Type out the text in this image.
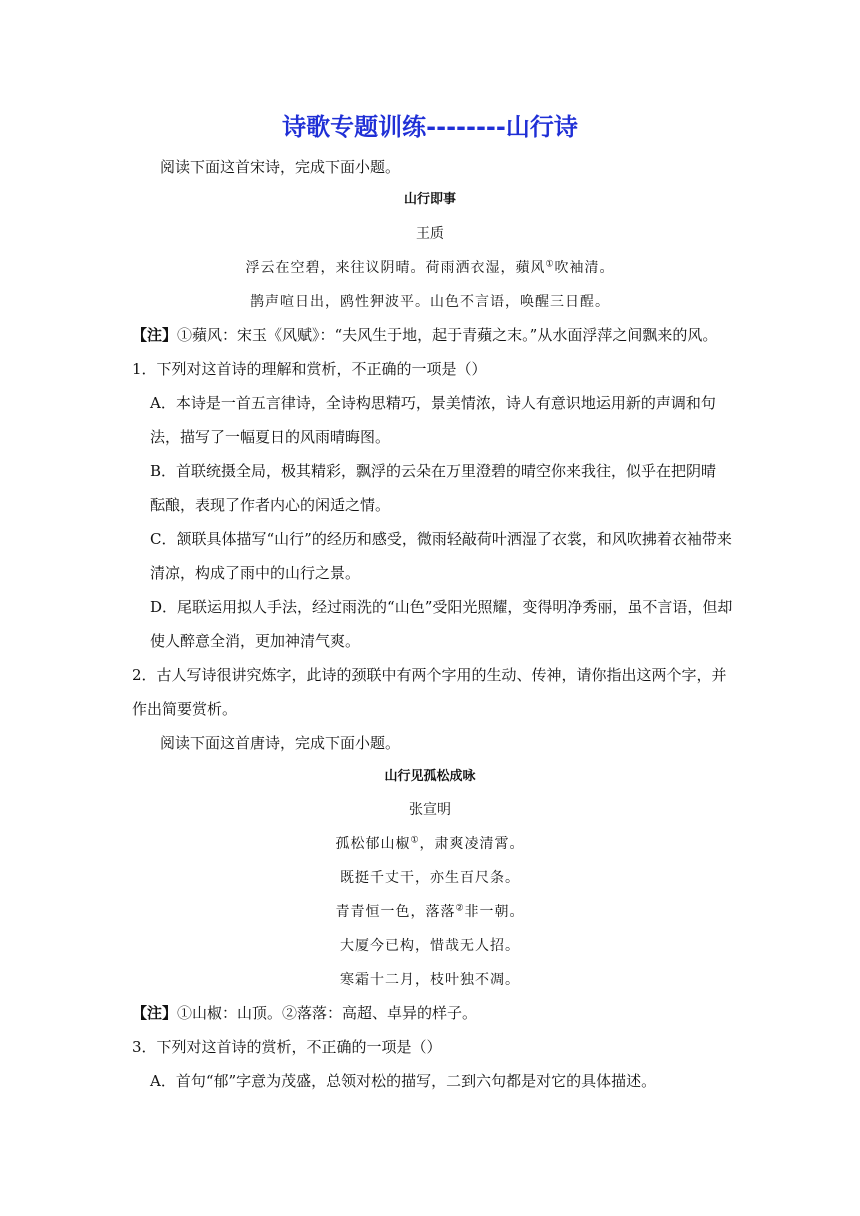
诗歌专题训练--------山行诗
阅读下面这首宋诗，完成下面小题。
山行即事
王质
浮云在空碧，来往议阴晴。荷雨洒衣湿，蘋风①吹袖清。
鹊声喧日出，鸥性狎波平。山色不言语，唤醒三日酲。
【注】①蘋风：宋玉《风赋》：“夫风生于地，起于青蘋之末。”从水面浮萍之间飘来的风。
1．下列对这首诗的理解和赏析，不正确的一项是（）
A．本诗是一首五言律诗，全诗构思精巧，景美情浓，诗人有意识地运用新的声调和句
法，描写了一幅夏日的风雨晴晦图。
B．首联统摄全局，极其精彩，飘浮的云朵在万里澄碧的晴空你来我往，似乎在把阴晴
酝酿，表现了作者内心的闲适之情。
C．颔联具体描写“山行”的经历和感受，微雨轻敲荷叶洒湿了衣裳，和风吹拂着衣袖带来
清凉，构成了雨中的山行之景。
D．尾联运用拟人手法，经过雨洗的“山色”受阳光照耀，变得明净秀丽，虽不言语，但却
使人醉意全消，更加神清气爽。
2．古人写诗很讲究炼字，此诗的颈联中有两个字用的生动、传神，请你指出这两个字，并
作出简要赏析。
阅读下面这首唐诗，完成下面小题。
山行见孤松成咏
张宣明
孤松郁山椒①，肃爽凌清霄。
既挺千丈干，亦生百尺条。
青青恒一色，落落②非一朝。
大厦今已构，惜哉无人招。
寒霜十二月，枝叶独不凋。
【注】①山椒：山顶。②落落：高超、卓异的样子。
3．下列对这首诗的赏析，不正确的一项是（）
A．首句“郁”字意为茂盛，总领对松的描写，二到六句都是对它的具体描述。
